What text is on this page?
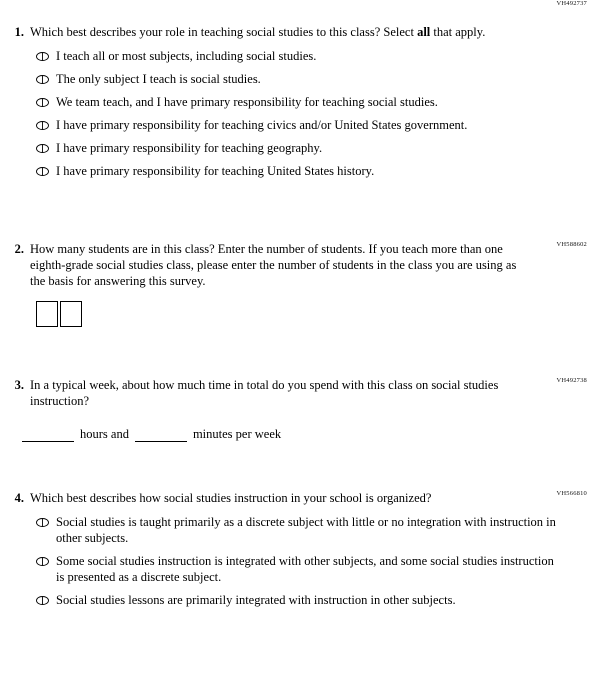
VH492737
1. Which best describes your role in teaching social studies to this class? Select all that apply.
I teach all or most subjects, including social studies.
The only subject I teach is social studies.
We team teach, and I have primary responsibility for teaching social studies.
I have primary responsibility for teaching civics and/or United States government.
I have primary responsibility for teaching geography.
I have primary responsibility for teaching United States history.
VH588602
2. How many students are in this class? Enter the number of students. If you teach more than one eighth-grade social studies class, please enter the number of students in the class you are using as the basis for answering this survey.
VH492738
3. In a typical week, about how much time in total do you spend with this class on social studies instruction?
hours and	minutes per week
VH566810
4. Which best describes how social studies instruction in your school is organized?
Social studies is taught primarily as a discrete subject with little or no integration with instruction in other subjects.
Some social studies instruction is integrated with other subjects, and some social studies instruction is presented as a discrete subject.
Social studies lessons are primarily integrated with instruction in other subjects.
